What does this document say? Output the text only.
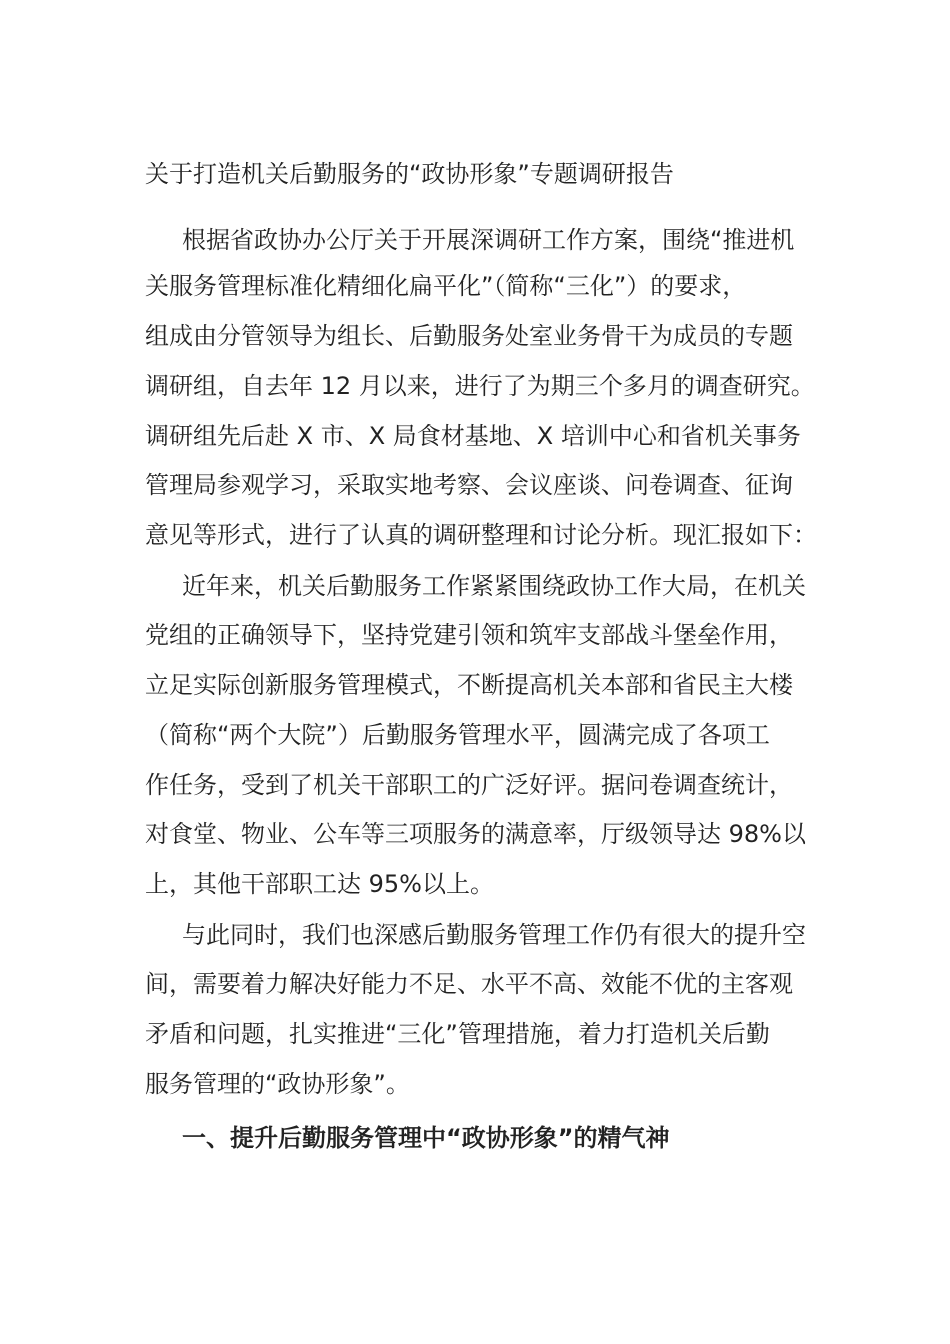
关于打造机关后勤服务的“政协形象”专题调研报告
根据省政协办公厅关于开展深调研工作方案，围绕“推进机
关服务管理标准化精细化扁平化”（简称“三化”）的要求，
组成由分管领导为组长、后勤服务处室业务骨干为成员的专题
调研组，自去年 12 月以来，进行了为期三个多月的调查研究。
调研组先后赴 X 市、X 局食材基地、X 培训中心和省机关事务
管理局参观学习，采取实地考察、会议座谈、问卷调查、征询
意见等形式，进行了认真的调研整理和讨论分析。现汇报如下：
近年来，机关后勤服务工作紧紧围绕政协工作大局，在机关
党组的正确领导下，坚持党建引领和筑牢支部战斗堡垒作用，
立足实际创新服务管理模式，不断提高机关本部和省民主大楼
（简称“两个大院”）后勤服务管理水平，圆满完成了各项工
作任务，受到了机关干部职工的广泛好评。据问卷调查统计，
对食堂、物业、公车等三项服务的满意率，厅级领导达 98%以
上，其他干部职工达 95%以上。
与此同时，我们也深感后勤服务管理工作仍有很大的提升空
间，需要着力解决好能力不足、水平不高、效能不优的主客观
矛盾和问题，扎实推进“三化”管理措施，着力打造机关后勤
服务管理的“政协形象”。
一、提升后勤服务管理中“政协形象”的精气神
